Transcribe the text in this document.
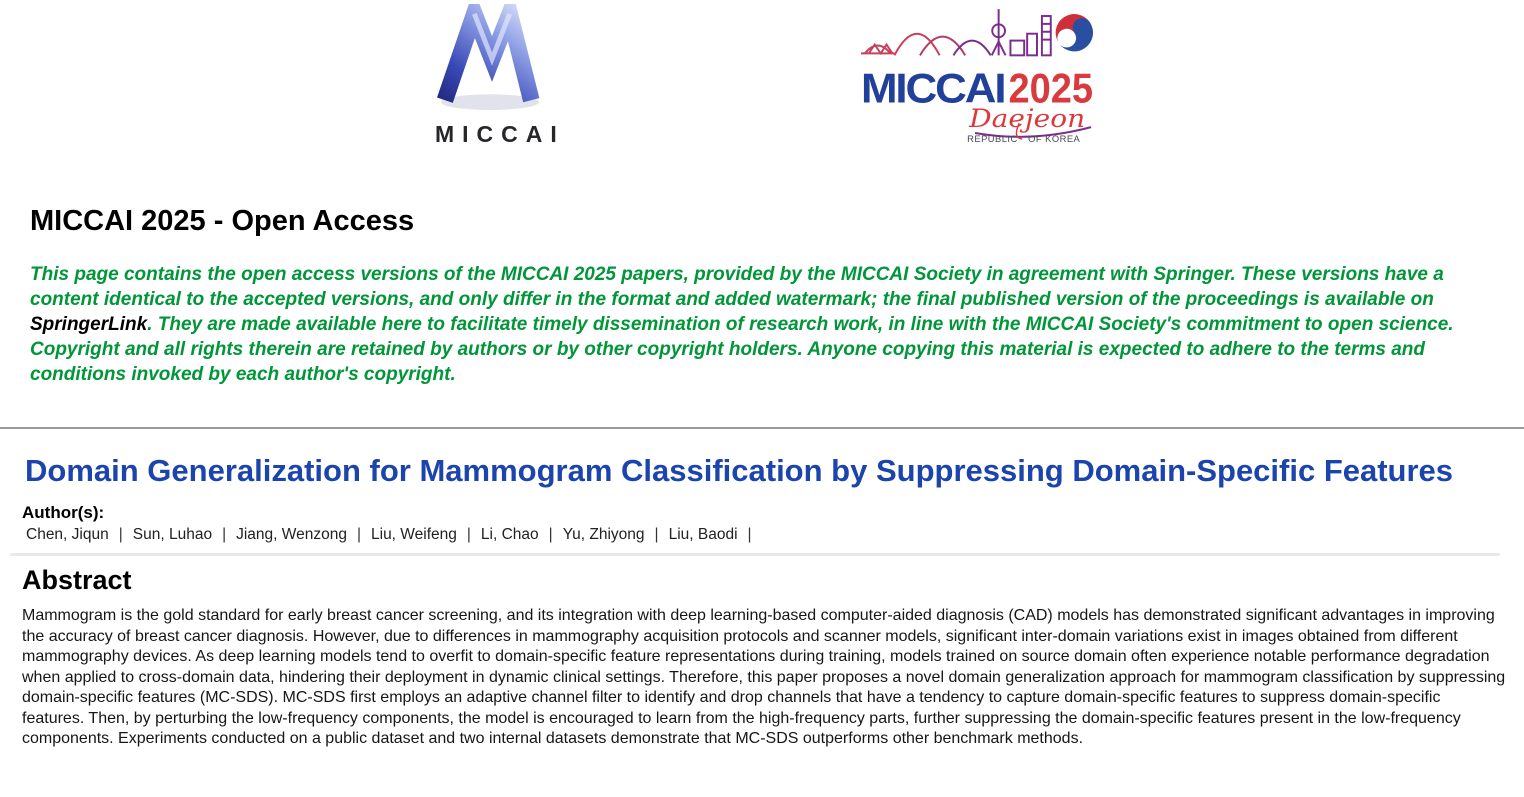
MICCAI
MICCAI 2025
Daejeon
REPUBLIC OF KOREA
MICCAI 2025 - Open Access

This page contains the open access versions of the MICCAI 2025 papers, provided by the MICCAI Society in agreement with Springer. These versions have a content identical to the accepted versions, and only differ in the format and added watermark; the final published version of the proceedings is available on SpringerLink. They are made available here to facilitate timely dissemination of research work, in line with the MICCAI Society's commitment to open science. Copyright and all rights therein are retained by authors or by other copyright holders. Anyone copying this material is expected to adhere to the terms and conditions invoked by each author's copyright.

Domain Generalization for Mammogram Classification by Suppressing Domain-Specific Features
Author(s):
Chen, Jiqun | Sun, Luhao | Jiang, Wenzong | Liu, Weifeng | Li, Chao | Yu, Zhiyong | Liu, Baodi |
Abstract

Mammogram is the gold standard for early breast cancer screening, and its integration with deep learning-based computer-aided diagnosis (CAD) models has demonstrated significant advantages in improving the accuracy of breast cancer diagnosis. However, due to differences in mammography acquisition protocols and scanner models, significant inter-domain variations exist in images obtained from different mammography devices. As deep learning models tend to overfit to domain-specific feature representations during training, models trained on source domain often experience notable performance degradation when applied to cross-domain data, hindering their deployment in dynamic clinical settings. Therefore, this paper proposes a novel domain generalization approach for mammogram classification by suppressing domain-specific features (MC-SDS). MC-SDS first employs an adaptive channel filter to identify and drop channels that have a tendency to capture domain-specific features to suppress domain-specific features. Then, by perturbing the low-frequency components, the model is encouraged to learn from the high-frequency parts, further suppressing the domain-specific features present in the low-frequency components. Experiments conducted on a public dataset and two internal datasets demonstrate that MC-SDS outperforms other benchmark methods.
